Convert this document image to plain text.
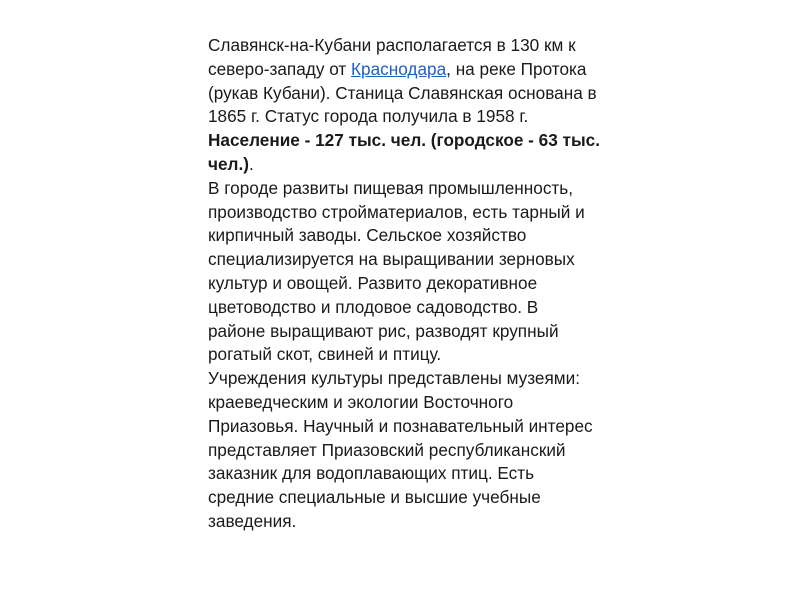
Славянск-на-Кубани располагается в 130 км к северо-западу от Краснодара, на реке Протока (рукав Кубани). Станица Славянская основана в 1865 г. Статус города получила в 1958 г. Население - 127 тыс. чел. (городское - 63 тыс. чел.).

В городе развиты пищевая промышленность, производство стройматериалов, есть тарный и кирпичный заводы. Сельское хозяйство специализируется на выращивании зерновых культур и овощей. Развито декоративное цветоводство и плодовое садоводство. В районе выращивают рис, разводят крупный рогатый скот, свиней и птицу.

Учреждения культуры представлены музеями: краеведческим и экологии Восточного Приазовья. Научный и познавательный интерес представляет Приазовский республиканский заказник для водоплавающих птиц. Есть средние специальные и высшие учебные заведения.
